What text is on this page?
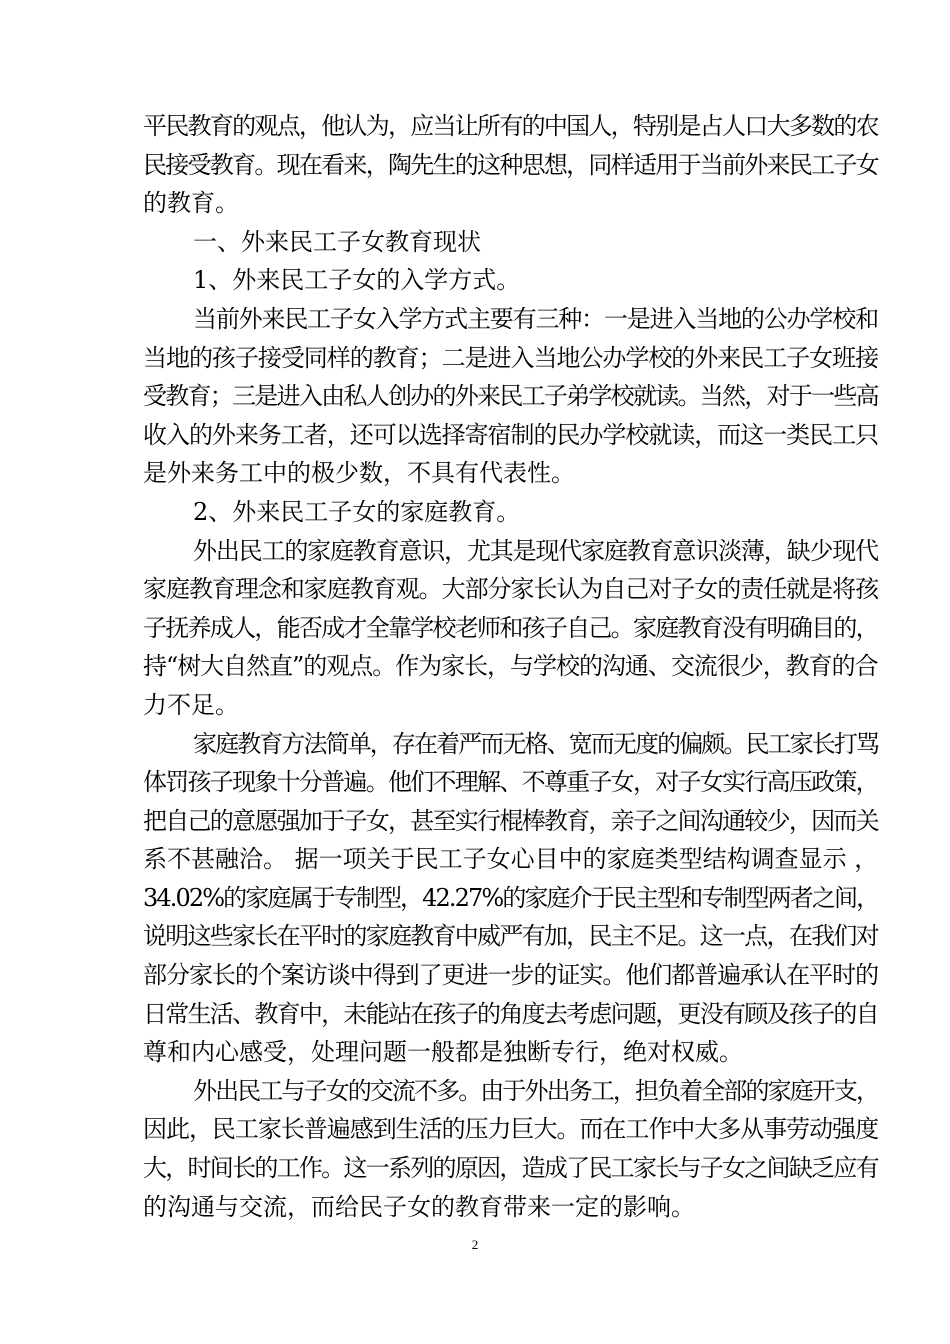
平民教育的观点，他认为，应当让所有的中国人，特别是占人口大多数的农
民接受教育。现在看来，陶先生的这种思想，同样适用于当前外来民工子女
的教育。
一、外来民工子女教育现状
1、外来民工子女的入学方式。
当前外来民工子女入学方式主要有三种：一是进入当地的公办学校和
当地的孩子接受同样的教育；二是进入当地公办学校的外来民工子女班接
受教育；三是进入由私人创办的外来民工子弟学校就读。当然，对于一些高
收入的外来务工者，还可以选择寄宿制的民办学校就读，而这一类民工只
是外来务工中的极少数，不具有代表性。
2、外来民工子女的家庭教育。
外出民工的家庭教育意识，尤其是现代家庭教育意识淡薄，缺少现代
家庭教育理念和家庭教育观。大部分家长认为自己对子女的责任就是将孩
子抚养成人，能否成才全靠学校老师和孩子自己。家庭教育没有明确目的，
持“树大自然直”的观点。作为家长，与学校的沟通、交流很少，教育的合
力不足。
家庭教育方法简单，存在着严而无格、宽而无度的偏颇。民工家长打骂
体罚孩子现象十分普遍。他们不理解、不尊重子女，对子女实行高压政策，
把自己的意愿强加于子女，甚至实行棍棒教育，亲子之间沟通较少，因而关
系不甚融洽。 据一项关于民工子女心目中的家庭类型结构调查显示 ，
34.02%的家庭属于专制型，42.27%的家庭介于民主型和专制型两者之间，
说明这些家长在平时的家庭教育中威严有加，民主不足。这一点，在我们对
部分家长的个案访谈中得到了更进一步的证实。他们都普遍承认在平时的
日常生活、教育中，未能站在孩子的角度去考虑问题，更没有顾及孩子的自
尊和内心感受，处理问题一般都是独断专行，绝对权威。
外出民工与子女的交流不多。由于外出务工，担负着全部的家庭开支，
因此，民工家长普遍感到生活的压力巨大。而在工作中大多从事劳动强度
大，时间长的工作。这一系列的原因，造成了民工家长与子女之间缺乏应有
的沟通与交流，而给民子女的教育带来一定的影响。
2
